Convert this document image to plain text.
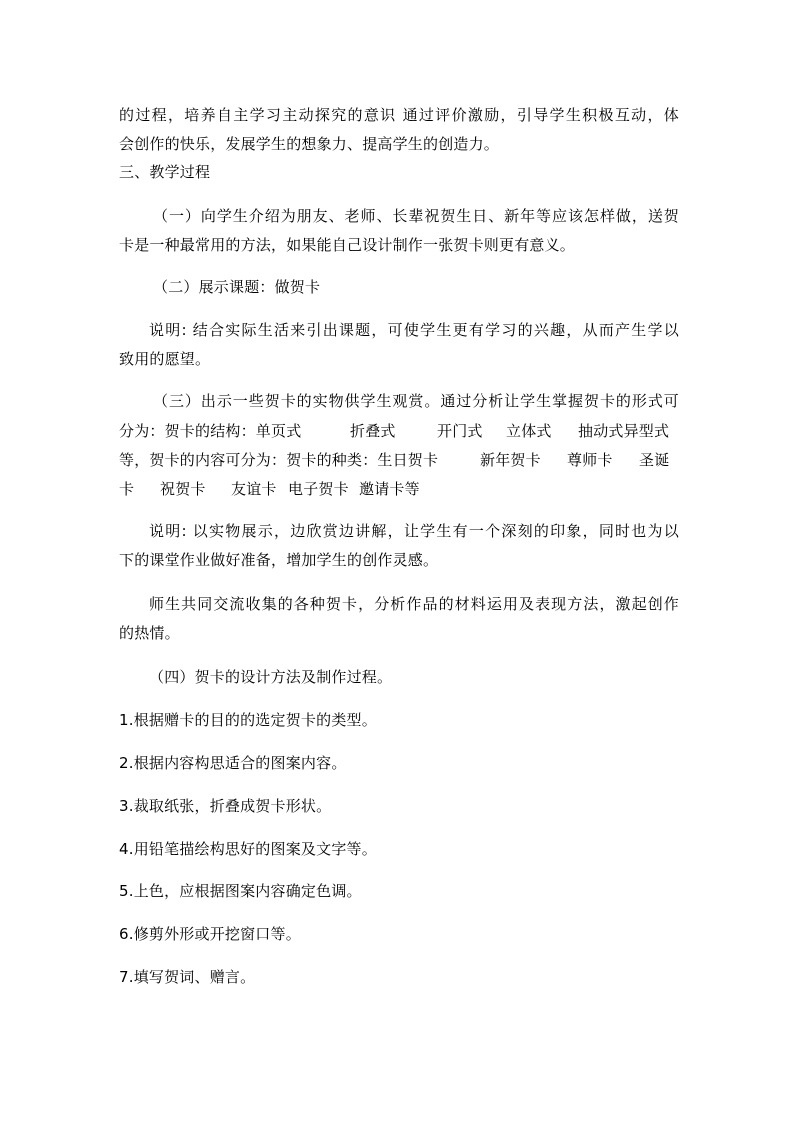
的过程，培养自主学习主动探究的意识 通过评价激励，引导学生积极互动，体
会创作的快乐，发展学生的想象力、提高学生的创造力。
三、教学过程
（一）向学生介绍为朋友、老师、长辈祝贺生日、新年等应该怎样做，送贺
卡是一种最常用的方法，如果能自己设计制作一张贺卡则更有意义。
（二）展示课题：做贺卡
说明: 结合实际生活来引出课题，可使学生更有学习的兴趣，从而产生学以
致用的愿望。
（三）出示一些贺卡的实物供学生观赏。通过分析让学生掌握贺卡的形式可
分为：贺卡的结构：单页式	折叠式	开门式 立体式 抽动式异型式
等，贺卡的内容可分为：贺卡的种类：生日贺卡	新年贺卡 尊师卡 圣诞
卡 祝贺卡 友谊卡 电子贺卡 邀请卡等
说明: 以实物展示，边欣赏边讲解，让学生有一个深刻的印象，同时也为以
下的课堂作业做好准备，增加学生的创作灵感。
师生共同交流收集的各种贺卡，分析作品的材料运用及表现方法，激起创作
的热情。
（四）贺卡的设计方法及制作过程。
1.根据赠卡的目的的选定贺卡的类型。
2.根据内容构思适合的图案内容。
3.裁取纸张，折叠成贺卡形状。
4.用铅笔描绘构思好的图案及文字等。
5.上色，应根据图案内容确定色调。
6.修剪外形或开挖窗口等。
7.填写贺词、赠言。
